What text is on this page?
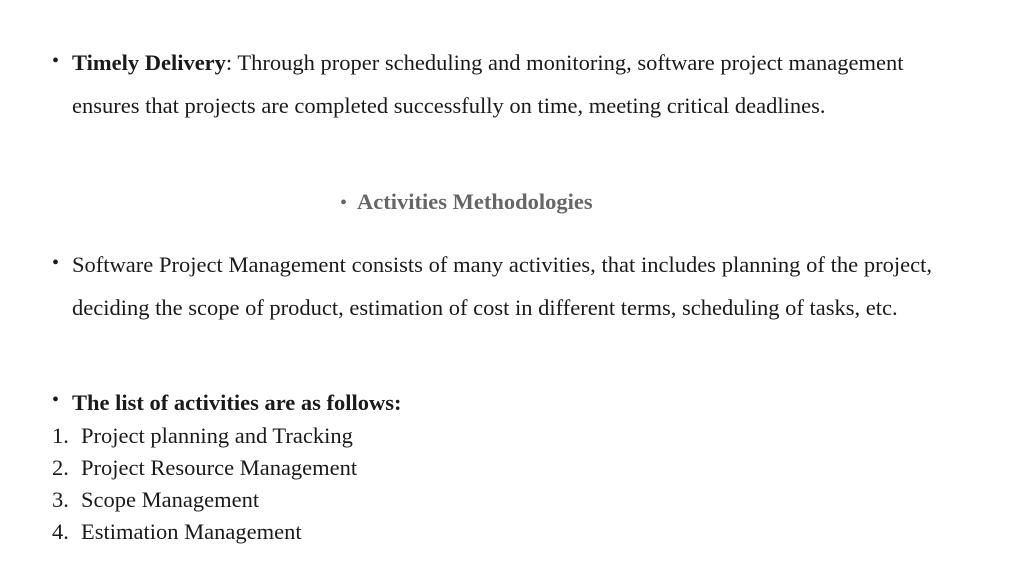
• Timely Delivery: Through proper scheduling and monitoring, software project management ensures that projects are completed successfully on time, meeting critical deadlines.
• Activities Methodologies
• Software Project Management consists of many activities, that includes planning of the project, deciding the scope of product, estimation of cost in different terms, scheduling of tasks, etc.
• The list of activities are as follows:
1. Project planning and Tracking
2. Project Resource Management
3. Scope Management
4. Estimation Management
